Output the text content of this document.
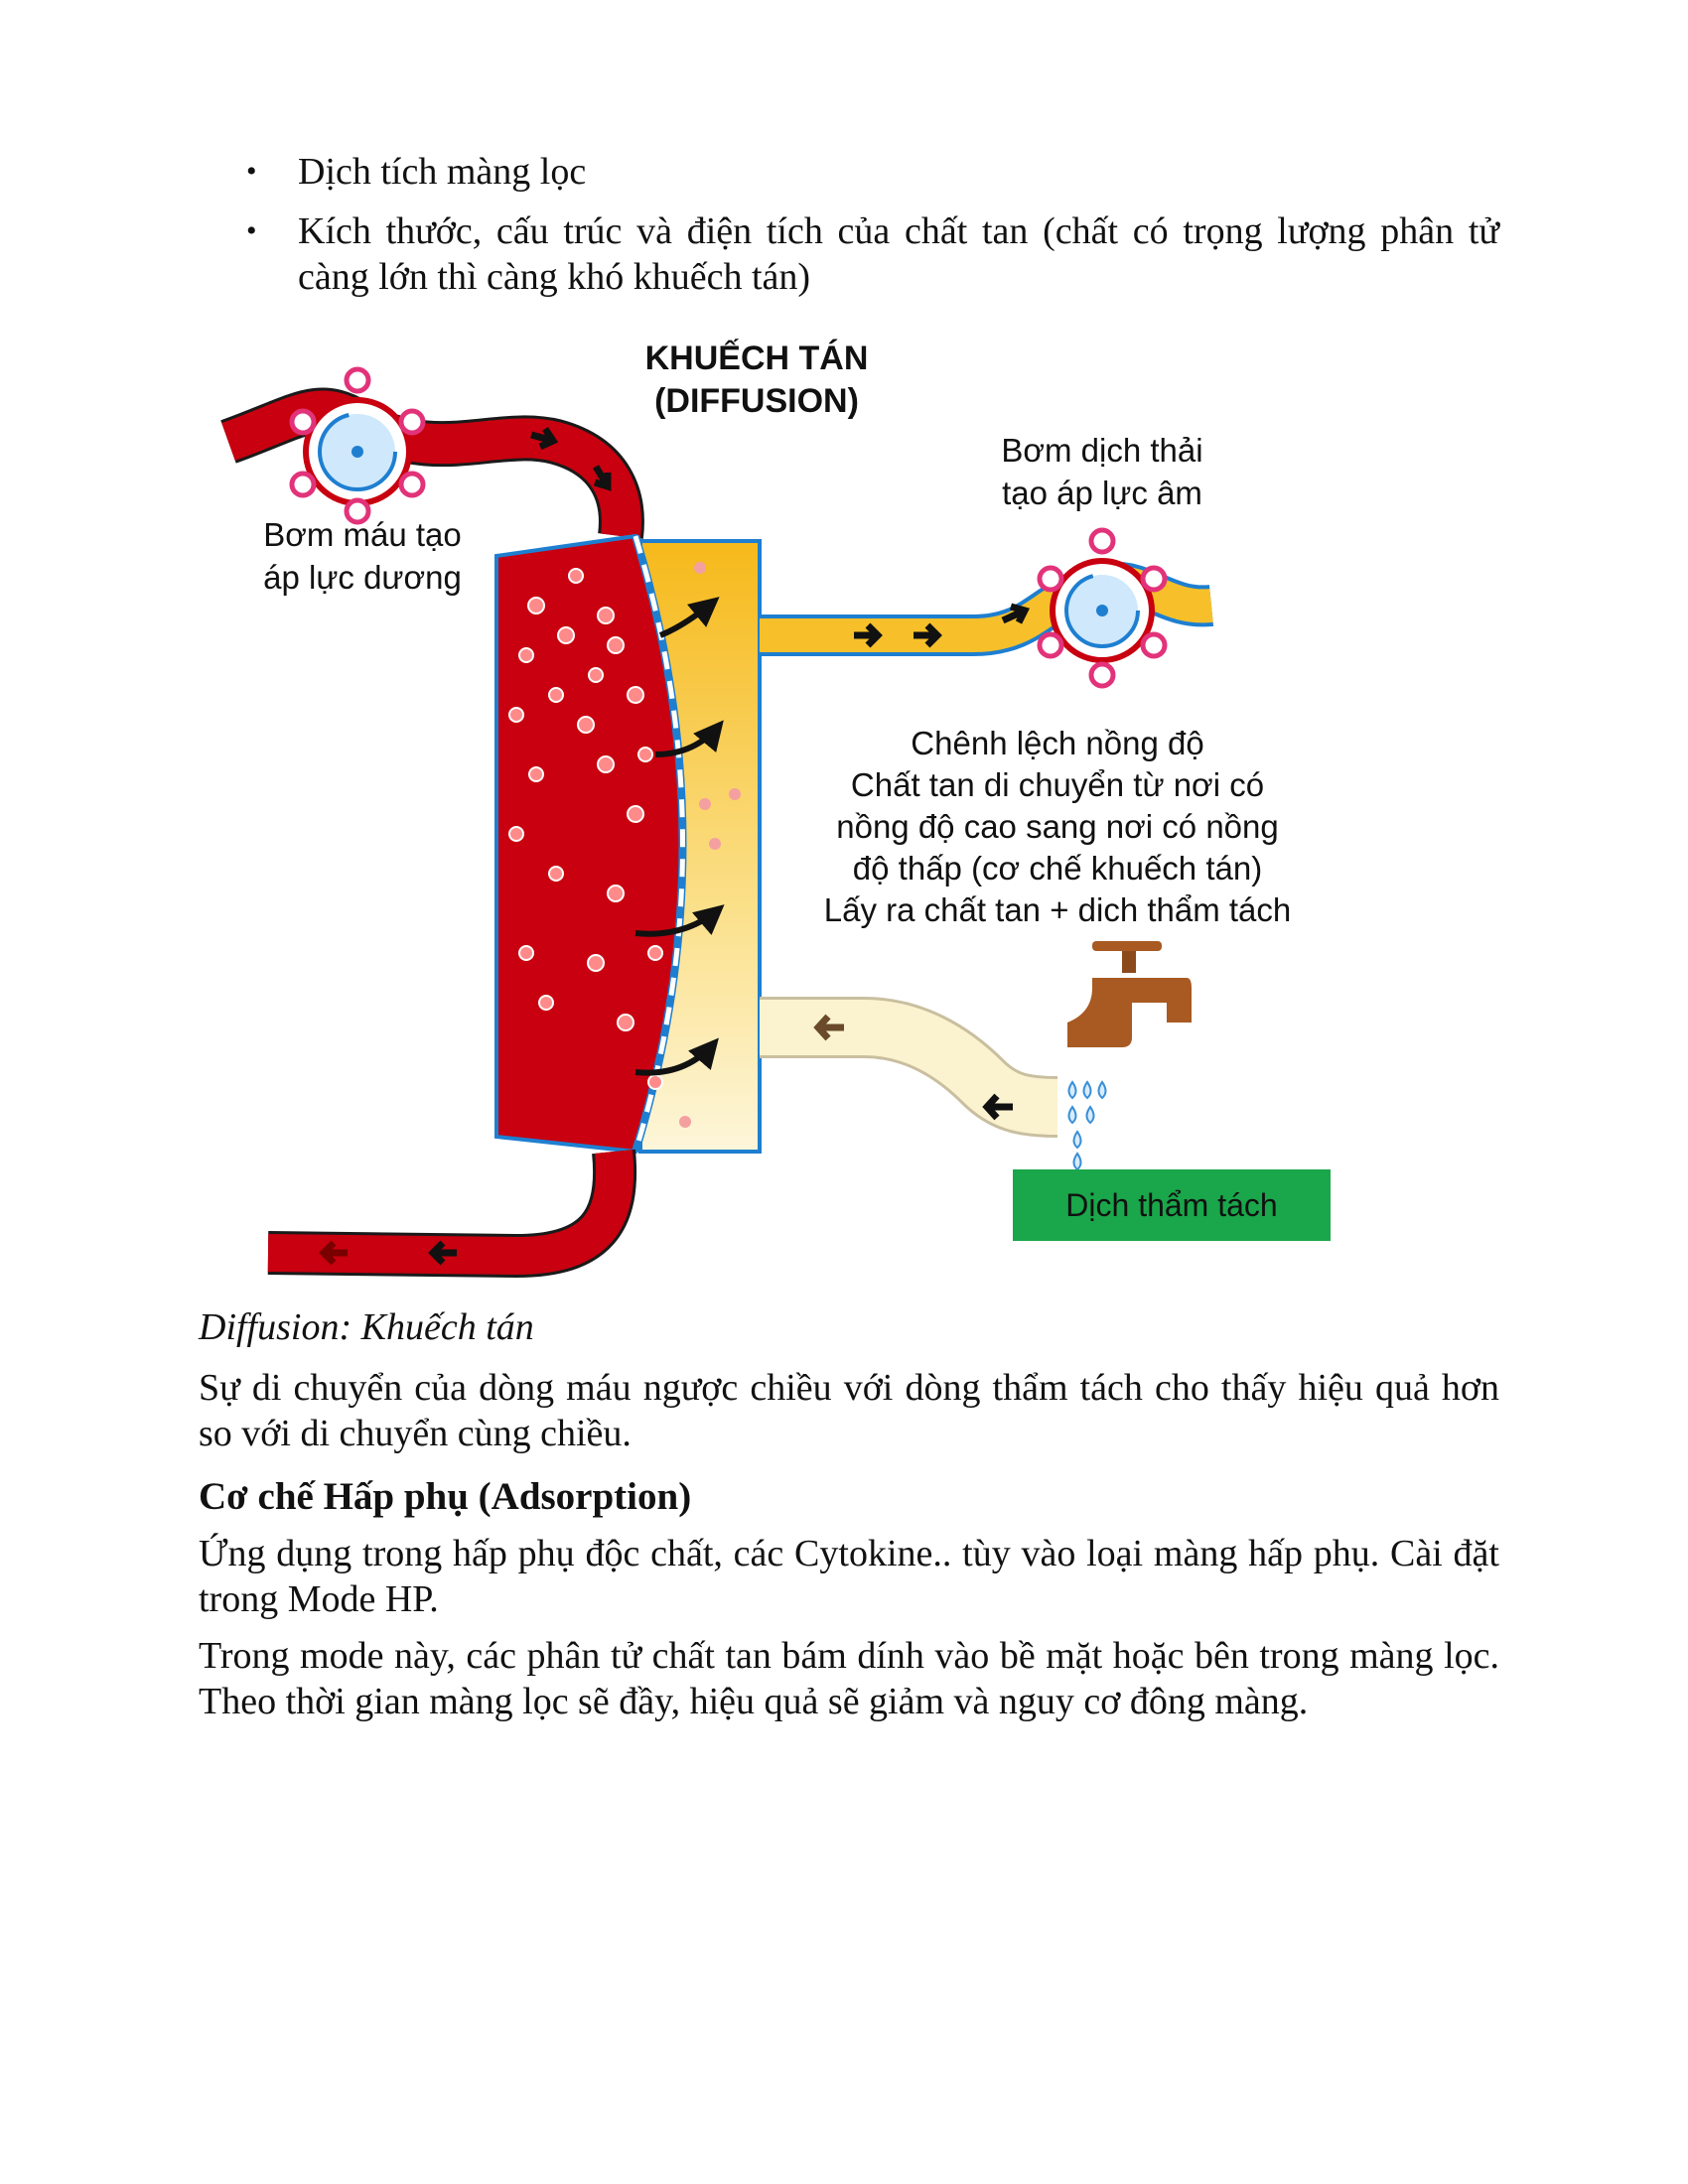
• Dịch tích màng lọc
• Kích thước, cấu trúc và điện tích của chất tan (chất có trọng lượng phân tử càng lớn thì càng khó khuếch tán)
Dịch thẩm tách
KHUẾCH TÁN
(DIFFUSION)
Bơm máu tạo
áp lực dương
Bơm dịch thải
tạo áp lực âm
Chênh lệch nồng độ
Chất tan di chuyển từ nơi có
nồng độ cao sang nơi có nồng
độ thấp (cơ chế khuếch tán)
Lấy ra chất tan + dich thẩm tách
Diffusion: Khuếch tán

Sự di chuyển của dòng máu ngược chiều với dòng thẩm tách cho thấy hiệu quả hơn so với di chuyển cùng chiều.

Cơ chế Hấp phụ (Adsorption)

Ứng dụng trong hấp phụ độc chất, các Cytokine.. tùy vào loại màng hấp phụ. Cài đặt trong Mode HP.

Trong mode này, các phân tử chất tan bám dính vào bề mặt hoặc bên trong màng lọc. Theo thời gian màng lọc sẽ đầy, hiệu quả sẽ giảm và nguy cơ đông màng.
